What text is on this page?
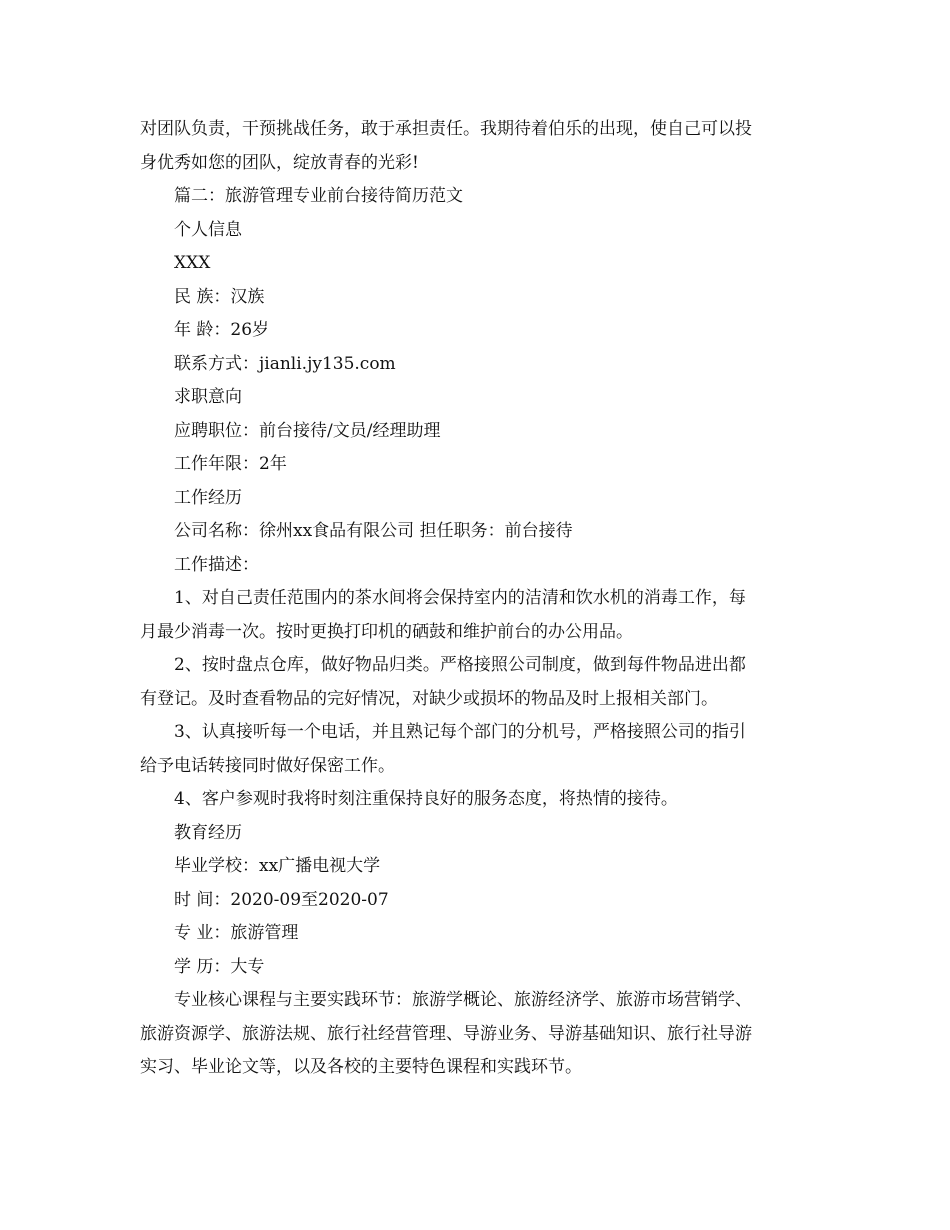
对团队负责，干预挑战任务，敢于承担责任。我期待着伯乐的出现，使自己可以投
身优秀如您的团队，绽放青春的光彩!
篇二：旅游管理专业前台接待简历范文
个人信息
XXX
民 族：汉族
年 龄：26岁
联系方式：jianli.jy135.com
求职意向
应聘职位：前台接待/文员/经理助理
工作年限：2年
工作经历
公司名称：徐州xx食品有限公司 担任职务：前台接待
工作描述：
1、对自己责任范围内的茶水间将会保持室内的洁清和饮水机的消毒工作，每
月最少消毒一次。按时更换打印机的硒鼓和维护前台的办公用品。
2、按时盘点仓库，做好物品归类。严格接照公司制度，做到每件物品进出都
有登记。及时查看物品的完好情况，对缺少或损坏的物品及时上报相关部门。
3、认真接听每一个电话，并且熟记每个部门的分机号，严格接照公司的指引
给予电话转接同时做好保密工作。
4、客户参观时我将时刻注重保持良好的服务态度，将热情的接待。
教育经历
毕业学校：xx广播电视大学
时 间：2020-09至2020-07
专 业：旅游管理
学 历：大专
专业核心课程与主要实践环节：旅游学概论、旅游经济学、旅游市场营销学、
旅游资源学、旅游法规、旅行社经营管理、导游业务、导游基础知识、旅行社导游
实习、毕业论文等，以及各校的主要特色课程和实践环节。
